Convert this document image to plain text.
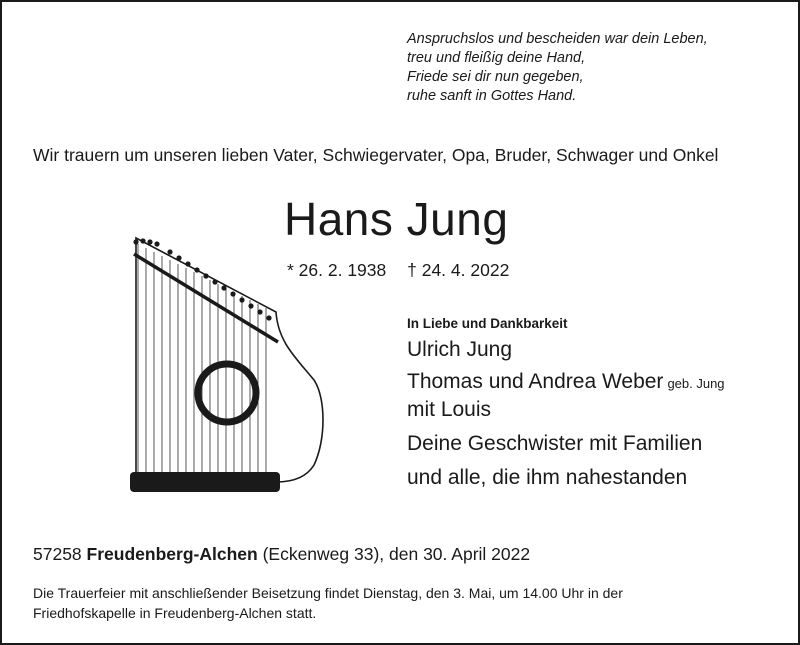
Anspruchslos und bescheiden war dein Leben,
treu und fleißig deine Hand,
Friede sei dir nun gegeben,
ruhe sanft in Gottes Hand.
Wir trauern um unseren lieben Vater, Schwiegervater, Opa, Bruder, Schwager und Onkel
Hans Jung
* 26. 2. 1938 † 24. 4. 2022
In Liebe und Dankbarkeit
Ulrich Jung
Thomas und Andrea Weber geb. Jung
mit Louis
Deine Geschwister mit Familien
und alle, die ihm nahestanden
57258 Freudenberg-Alchen (Eckenweg 33), den 30. April 2022
Die Trauerfeier mit anschließender Beisetzung findet Dienstag, den 3. Mai, um 14.00 Uhr in der
Friedhofskapelle in Freudenberg-Alchen statt.
